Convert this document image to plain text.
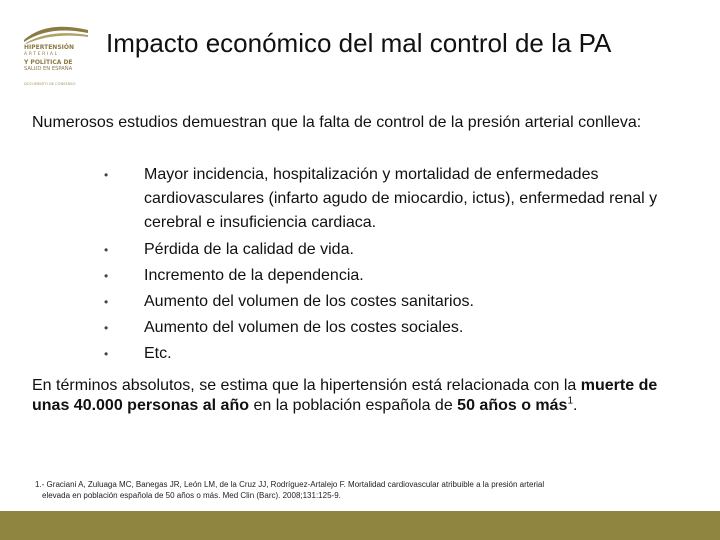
HIPERTENSIÓN
ARTERIAL
Y POLÍTICA DE
SALUD EN ESPAÑA
DOCUMENTO DE CONSENSO
Impacto económico del mal control de la PA
Numerosos estudios demuestran que la falta de control de la presión arterial conlleva:
• Mayor incidencia, hospitalización y mortalidad de enfermedades cardiovasculares (infarto agudo de miocardio, ictus), enfermedad renal y cerebral e insuficiencia cardiaca.
• Pérdida de la calidad de vida.
• Incremento de la dependencia.
• Aumento del volumen de los costes sanitarios.
• Aumento del volumen de los costes sociales.
• Etc.
En términos absolutos, se estima que la hipertensión está relacionada con la muerte de unas 40.000 personas al año en la población española de 50 años o más$^1$.
1.- Graciani A, Zuluaga MC, Banegas JR, León LM, de la Cruz JJ, Rodríguez-Artalejo F. Mortalidad cardiovascular atribuible a la presión arterial
elevada en población española de 50 años o más. Med Clin (Barc). 2008;131:125-9.
